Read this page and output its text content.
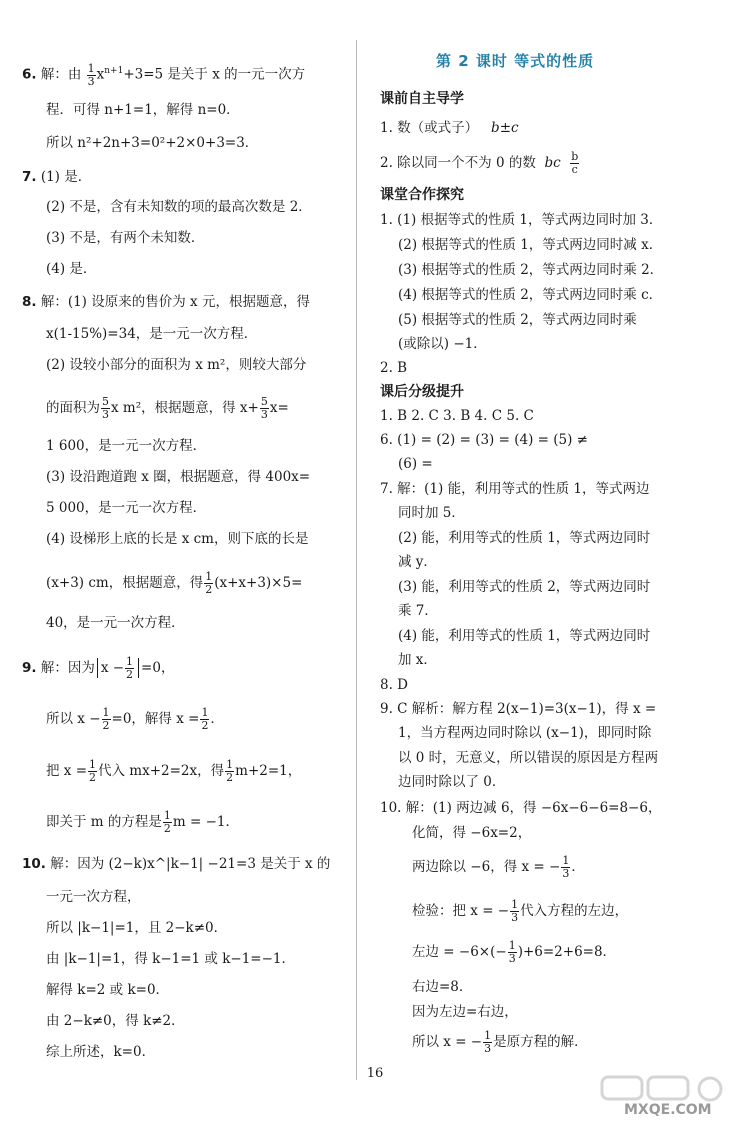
6. 解：由 $\frac{1}{3} x^{n+1}+3=5$ 是关于 x 的一元一次方
程．可得 n+1=1，解得 n=0．
所以 n²+2n+3=0²+2×0+3=3．
7. (1) 是．
(2) 不是，含有未知数的项的最高次数是 2．
(3) 不是，有两个未知数．
(4) 是．
8. 解：(1) 设原来的售价为 x 元，根据题意，得
x(1-15%)=34，是一元一次方程．
(2) 设较小部分的面积为 x m²，则较大部分
的面积为 $\frac{5}{3}$ x m²，根据题意，得 $x+ \frac{5}{3} x=$
1 600，是一元一次方程．
(3) 设沿跑道跑 x 圈，根据题意，得 400x=
5 000，是一元一次方程．
(4) 设梯形上底的长是 x cm，则下底的长是
(x+3) cm，根据题意，得 $\frac{1}{2} (x+x+3)\times 5=$
40，是一元一次方程．
9. 解：因为 $x - \frac{1}{2} =0$，
所以 $x - \frac{1}{2} =0$，解得 $x = \frac{1}{2}$ ．
把 $x = \frac{1}{2}$ 代入 mx+2=2x，得 $\frac{1}{2} m+2=1$，
即关于 m 的方程是 $\frac{1}{2}$ m = −1．
10. 解：因为 (2−k)x^|k−1| −21=3 是关于 x 的
一元一次方程，
所以 |k−1|=1，且 2−k≠0．
由 |k−1|=1，得 k−1=1 或 k−1=−1．
解得 k=2 或 k=0．
由 2−k≠0，得 k≠2．
综上所述，k=0．
第 2 课时 等式的性质
课前自主导学
1. 数（或式子） b±c
2. 除以同一个不为 0 的数 bc $\frac{b}{c}$
课堂合作探究
1. (1) 根据等式的性质 1，等式两边同时加 3．
(2) 根据等式的性质 1，等式两边同时减 x．
(3) 根据等式的性质 2，等式两边同时乘 2．
(4) 根据等式的性质 2，等式两边同时乘 c．
(5) 根据等式的性质 2，等式两边同时乘
(或除以) −1．
2. B
课后分级提升
1. B 2. C 3. B 4. C 5. C
6. (1) = (2) = (3) = (4) = (5) ≠
(6) =
7. 解：(1) 能，利用等式的性质 1，等式两边
同时加 5．
(2) 能，利用等式的性质 1，等式两边同时
减 y．
(3) 能，利用等式的性质 2，等式两边同时
乘 7．
(4) 能，利用等式的性质 1，等式两边同时
加 x．
8. D
9. C 解析：解方程 2(x−1)=3(x−1)，得 x =
1，当方程两边同时除以 (x−1)，即同时除
以 0 时，无意义，所以错误的原因是方程两
边同时除以了 0．
10. 解：(1) 两边减 6，得 −6x−6−6=8−6，
化简，得 −6x=2，
两边除以 −6，得 x = − $\frac{1}{3}$ ．
检验：把 x = − $\frac{1}{3}$ 代入方程的左边，
左边 = $-6\times(- \frac{1}{3} )+6=2+6=8$．
右边=8．
因为左边=右边，
所以 x = − $\frac{1}{3}$ 是原方程的解．
16
MXQE.COM
